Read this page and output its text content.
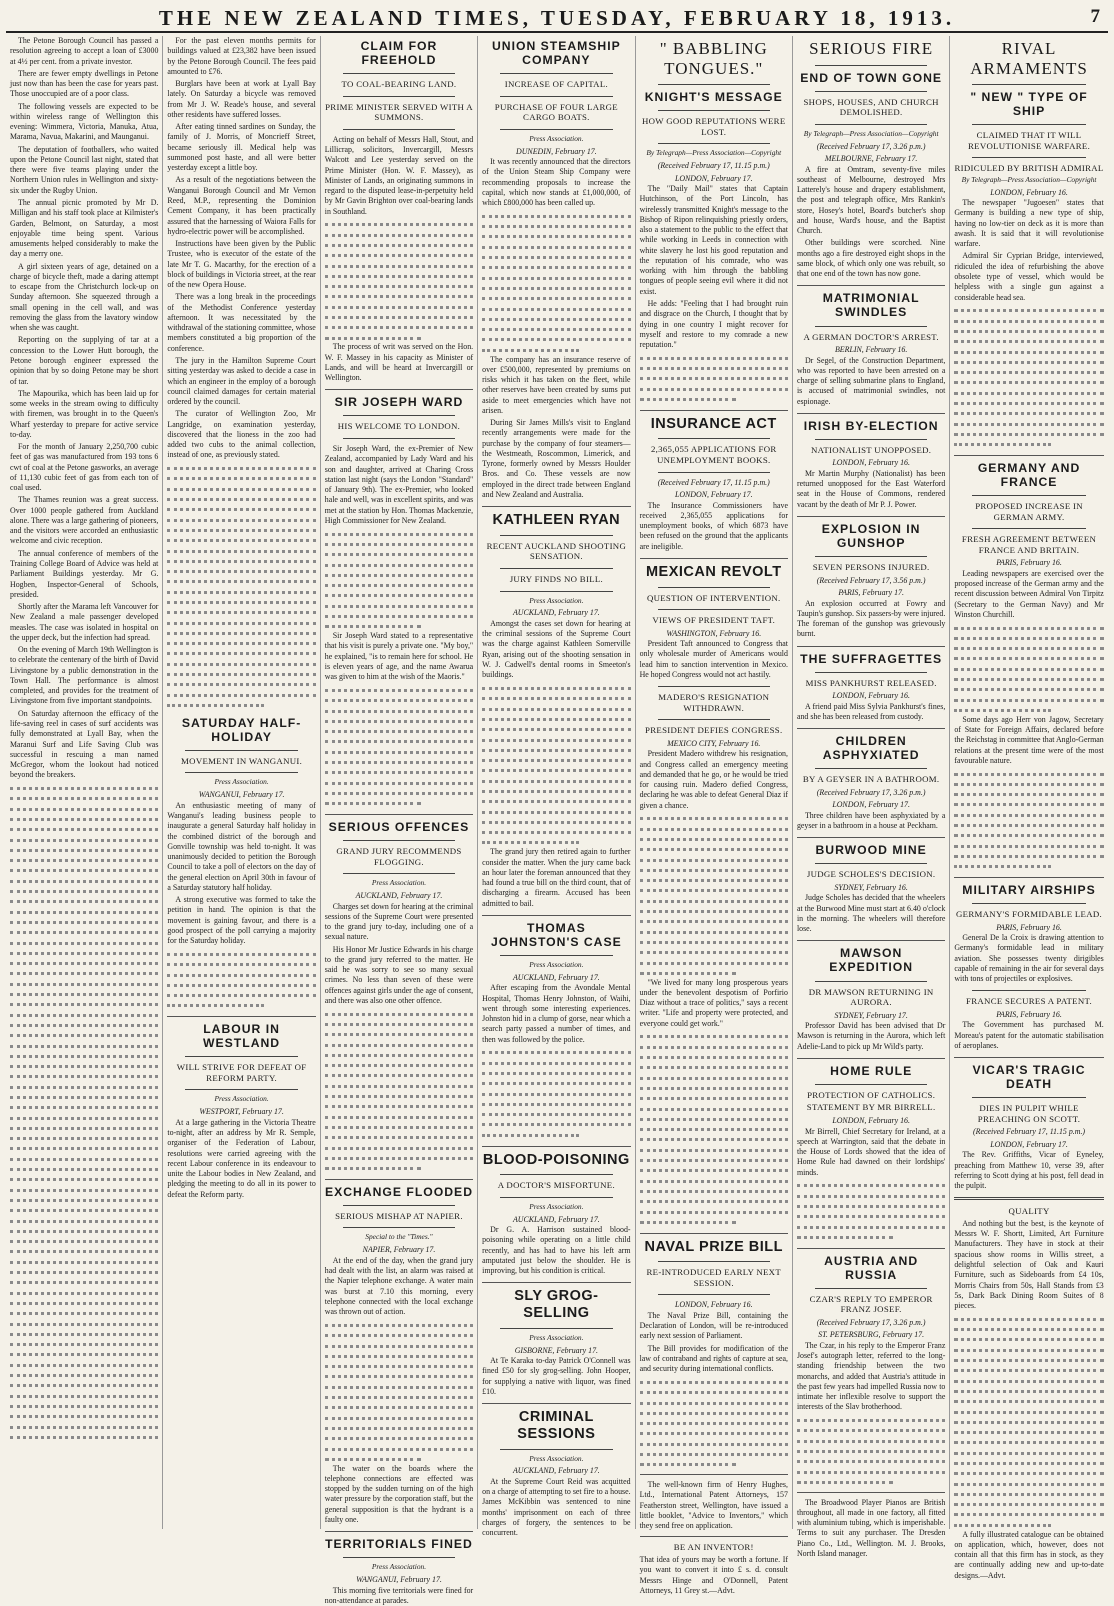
THE NEW ZEALAND TIMES, TUESDAY, FEBRUARY 18, 1913.	7

The Petone Borough Council has passed a resolution agreeing to accept a loan of £3000 at 4½ per cent. from a private investor.

There are fewer empty dwellings in Petone just now than has been the case for years past. Those unoccupied are of a poor class.

The following vessels are expected to be within wireless range of Wellington this evening: Wimmera, Victoria, Manuka, Atua, Marama, Navua, Makarini, and Maunganui.

The deputation of footballers, who waited upon the Petone Council last night, stated that there were five teams playing under the Northern Union rules in Wellington and sixty-six under the Rugby Union.

The annual picnic promoted by Mr D. Milligan and his staff took place at Kilmister's Garden, Belmont, on Saturday, a most enjoyable time being spent. Various amusements helped considerably to make the day a merry one.

A girl sixteen years of age, detained on a charge of bicycle theft, made a daring attempt to escape from the Christchurch lock-up on Sunday afternoon. She squeezed through a small opening in the cell wall, and was removing the glass from the lavatory window when she was caught.

Reporting on the supplying of tar at a concession to the Lower Hutt borough, the Petone borough engineer expressed the opinion that by so doing Petone may be short of tar.

The Mapourika, which has been laid up for some weeks in the stream owing to difficulty with firemen, was brought in to the Queen's Wharf yesterday to prepare for active service to-day.

For the month of January 2,250,700 cubic feet of gas was manufactured from 193 tons 6 cwt of coal at the Petone gasworks, an average of 11,130 cubic feet of gas from each ton of coal used.

The Thames reunion was a great success. Over 1000 people gathered from Auckland alone. There was a large gathering of pioneers, and the visitors were accorded an enthusiastic welcome and civic reception.

The annual conference of members of the Training College Board of Advice was held at Parliament Buildings yesterday. Mr G. Hogben, Inspector-General of Schools, presided.

Shortly after the Marama left Vancouver for New Zealand a male passenger developed measles. The case was isolated in hospital on the upper deck, but the infection had spread.

On the evening of March 19th Wellington is to celebrate the centenary of the birth of David Livingstone by a public demonstration in the Town Hall. The performance is almost completed, and provides for the treatment of Livingstone from five important standpoints.

On Saturday afternoon the efficacy of the life-saving reel in cases of surf accidents was fully demonstrated at Lyall Bay, when the Maranui Surf and Life Saving Club was successful in rescuing a man named McGregor, whom the lookout had noticed beyond the breakers.

For the past eleven months permits for buildings valued at £23,382 have been issued by the Petone Borough Council. The fees paid amounted to £76.

Burglars have been at work at Lyall Bay lately. On Saturday a bicycle was removed from Mr J. W. Reade's house, and several other residents have suffered losses.

After eating tinned sardines on Sunday, the family of J. Morris, of Moncrieff Street, became seriously ill. Medical help was summoned post haste, and all were better yesterday except a little boy.

As a result of the negotiations between the Wanganui Borough Council and Mr Vernon Reed, M.P., representing the Dominion Cement Company, it has been practically assured that the harnessing of Waiora Falls for hydro-electric power will be accomplished.

Instructions have been given by the Public Trustee, who is executor of the estate of the late Mr T. G. Macarthy, for the erection of a block of buildings in Victoria street, at the rear of the new Opera House.

There was a long break in the proceedings of the Methodist Conference yesterday afternoon. It was necessitated by the withdrawal of the stationing committee, whose members constituted a big proportion of the conference.

The jury in the Hamilton Supreme Court sitting yesterday was asked to decide a case in which an engineer in the employ of a borough council claimed damages for certain material ordered by the council.

The curator of Wellington Zoo, Mr Langridge, on examination yesterday, discovered that the lioness in the zoo had added two cubs to the animal collection, instead of one, as previously stated.

SATURDAY HALF-HOLIDAY
MOVEMENT IN WANGANUI.
Press Association.
WANGANUI, February 17.

An enthusiastic meeting of many of Wanganui's leading business people to inaugurate a general Saturday half holiday in the combined district of the borough and Gonville township was held to-night. It was unanimously decided to petition the Borough Council to take a poll of electors on the day of the general election on April 30th in favour of a Saturday statutory half holiday.

A strong executive was formed to take the petition in hand. The opinion is that the movement is gaining favour, and there is a good prospect of the poll carrying a majority for the Saturday holiday.

LABOUR IN WESTLAND
WILL STRIVE FOR DEFEAT OF REFORM PARTY.
Press Association.
WESTPORT, February 17.

At a large gathering in the Victoria Theatre to-night, after an address by Mr R. Semple, organiser of the Federation of Labour, resolutions were carried agreeing with the recent Labour conference in its endeavour to unite the Labour bodies in New Zealand, and pledging the meeting to do all in its power to defeat the Reform party.

CLAIM FOR FREEHOLD
TO COAL-BEARING LAND.
PRIME MINISTER SERVED WITH A SUMMONS.

Acting on behalf of Messrs Hall, Stout, and Lillicrap, solicitors, Invercargill, Messrs Walcott and Lee yesterday served on the Prime Minister (Hon. W. F. Massey), as Minister of Lands, an originating summons in regard to the disputed lease-in-perpetuity held by Mr Gavin Brighton over coal-bearing lands in Southland.

The process of writ was served on the Hon. W. F. Massey in his capacity as Minister of Lands, and will be heard at Invercargill or Wellington.

SIR JOSEPH WARD
HIS WELCOME TO LONDON.

Sir Joseph Ward, the ex-Premier of New Zealand, accompanied by Lady Ward and his son and daughter, arrived at Charing Cross station last night (says the London "Standard" of January 9th). The ex-Premier, who looked hale and well, was in excellent spirits, and was met at the station by Hon. Thomas Mackenzie, High Commissioner for New Zealand.

Sir Joseph Ward stated to a representative that his visit is purely a private one. "My boy," he explained, "is to remain here for school. He is eleven years of age, and the name Awarua was given to him at the wish of the Maoris."

SERIOUS OFFENCES
GRAND JURY RECOMMENDS FLOGGING.
Press Association.
AUCKLAND, February 17.

Charges set down for hearing at the criminal sessions of the Supreme Court were presented to the grand jury to-day, including one of a sexual nature.

His Honor Mr Justice Edwards in his charge to the grand jury referred to the matter. He said he was sorry to see so many sexual crimes. No less than seven of these were offences against girls under the age of consent, and there was also one other offence.

EXCHANGE FLOODED
SERIOUS MISHAP AT NAPIER.
Special to the "Times."
NAPIER, February 17.

At the end of the day, when the grand jury had dealt with the list, an alarm was raised at the Napier telephone exchange. A water main was burst at 7.10 this morning, every telephone connected with the local exchange was thrown out of action.

The water on the boards where the telephone connections are effected was stopped by the sudden turning on of the high water pressure by the corporation staff, but the general supposition is that the hydrant is a faulty one.

TERRITORIALS FINED
Press Association.
WANGANUI, February 17.

This morning five territorials were fined for non-attendance at parades.

UNION STEAMSHIP COMPANY
INCREASE OF CAPITAL.
PURCHASE OF FOUR LARGE CARGO BOATS.
Press Association.
DUNEDIN, February 17.

It was recently announced that the directors of the Union Steam Ship Company were recommending proposals to increase the capital, which now stands at £1,000,000, of which £800,000 has been called up.

The company has an insurance reserve of over £500,000, represented by premiums on risks which it has taken on the fleet, while other reserves have been created by sums put aside to meet emergencies which have not arisen.

During Sir James Mills's visit to England recently arrangements were made for the purchase by the company of four steamers—the Westmeath, Roscommon, Limerick, and Tyrone, formerly owned by Messrs Houlder Bros. and Co. These vessels are now employed in the direct trade between England and New Zealand and Australia.

KATHLEEN RYAN
RECENT AUCKLAND SHOOTING SENSATION.
JURY FINDS NO BILL.
Press Association.
AUCKLAND, February 17.

Amongst the cases set down for hearing at the criminal sessions of the Supreme Court was the charge against Kathleen Somerville Ryan, arising out of the shooting sensation in W. J. Cadwell's dental rooms in Smeeton's buildings.

The grand jury then retired again to further consider the matter. When the jury came back an hour later the foreman announced that they had found a true bill on the third count, that of discharging a firearm. Accused has been admitted to bail.

THOMAS JOHNSTON'S CASE
Press Association.
AUCKLAND, February 17.

After escaping from the Avondale Mental Hospital, Thomas Henry Johnston, of Waihi, went through some interesting experiences. Johnston hid in a clump of gorse, near which a search party passed a number of times, and then was followed by the police.

BLOOD-POISONING
A DOCTOR'S MISFORTUNE.
Press Association.
AUCKLAND, February 17.

Dr G. A. Harrison sustained blood-poisoning while operating on a little child recently, and has had to have his left arm amputated just below the shoulder. He is improving, but his condition is critical.

SLY GROG-SELLING
Press Association.
GISBORNE, February 17.

At Te Karaka to-day Patrick O'Connell was fined £50 for sly grog-selling. John Hooper, for supplying a native with liquor, was fined £10.

CRIMINAL SESSIONS
Press Association.
AUCKLAND, February 17.

At the Supreme Court Reid was acquitted on a charge of attempting to set fire to a house. James McKibbin was sentenced to nine months' imprisonment on each of three charges of forgery, the sentences to be concurrent.

" BABBLING TONGUES."
KNIGHT'S MESSAGE
HOW GOOD REPUTATIONS WERE LOST.
By Telegraph—Press Association—Copyright
(Received February 17, 11.15 p.m.)
LONDON, February 17.

The "Daily Mail" states that Captain Hutchinson, of the Port Lincoln, has wirelessly transmitted Knight's message to the Bishop of Ripon relinquishing priestly orders, also a statement to the public to the effect that while working in Leeds in connection with white slavery he lost his good reputation and the reputation of his comrade, who was working with him through the babbling tongues of people seeing evil where it did not exist.

He adds: "Feeling that I had brought ruin and disgrace on the Church, I thought that by dying in one country I might recover for myself and restore to my comrade a new reputation."

INSURANCE ACT
2,365,055 APPLICATIONS FOR UNEMPLOYMENT BOOKS.
(Received February 17, 11.15 p.m.)
LONDON, February 17.

The Insurance Commissioners have received 2,365,055 applications for unemployment books, of which 6873 have been refused on the ground that the applicants are ineligible.

MEXICAN REVOLT
QUESTION OF INTERVENTION.
VIEWS OF PRESIDENT TAFT.
WASHINGTON, February 16.

President Taft announced to Congress that only wholesale murder of Americans would lead him to sanction intervention in Mexico. He hoped Congress would not act hastily.

MADERO'S RESIGNATION WITHDRAWN.
PRESIDENT DEFIES CONGRESS.
MEXICO CITY, February 16.

President Madero withdrew his resignation, and Congress called an emergency meeting and demanded that he go, or he would be tried for causing ruin. Madero defied Congress, declaring he was able to defeat General Diaz if given a chance.

"We lived for many long prosperous years under the benevolent despotism of Porfirio Diaz without a trace of politics," says a recent writer. "Life and property were protected, and everyone could get work."

NAVAL PRIZE BILL
RE-INTRODUCED EARLY NEXT SESSION.
LONDON, February 16.

The Naval Prize Bill, containing the Declaration of London, will be re-introduced early next session of Parliament.

The Bill provides for modification of the law of contraband and rights of capture at sea, and security during international conflicts.

The well-known firm of Henry Hughes, Ltd., International Patent Attorneys, 157 Featherston street, Wellington, have issued a little booklet, "Advice to Inventors," which they send free on application.

BE AN INVENTOR!

That idea of yours may be worth a fortune. If you want to convert it into £ s. d. consult Messrs Hinge and O'Donnell, Patent Attorneys, 11 Grey st.—Advt.

SERIOUS FIRE
END OF TOWN GONE
SHOPS, HOUSES, AND CHURCH DEMOLISHED.
By Telegraph—Press Association—Copyright
(Received February 17, 3.26 p.m.)
MELBOURNE, February 17.

A fire at Omtram, seventy-five miles southeast of Melbourne, destroyed Mrs Latterely's house and drapery establishment, the post and telegraph office, Mrs Rankin's store, Hosey's hotel, Board's butcher's shop and house, Ward's house, and the Baptist Church.

Other buildings were scorched. Nine months ago a fire destroyed eight shops in the same block, of which only one was rebuilt, so that one end of the town has now gone.

MATRIMONIAL SWINDLES
A GERMAN DOCTOR'S ARREST.
BERLIN, February 16.

Dr Segel, of the Construction Department, who was reported to have been arrested on a charge of selling submarine plans to England, is accused of matrimonial swindles, not espionage.

IRISH BY-ELECTION
NATIONALIST UNOPPOSED.
LONDON, February 16.

Mr Martin Murphy (Nationalist) has been returned unopposed for the East Waterford seat in the House of Commons, rendered vacant by the death of Mr P. J. Power.

EXPLOSION IN GUNSHOP
SEVEN PERSONS INJURED.
(Received February 17, 3.56 p.m.)
PARIS, February 17.

An explosion occurred at Fowry and Taupin's gunshop. Six passers-by were injured. The foreman of the gunshop was grievously burnt.

THE SUFFRAGETTES
MISS PANKHURST RELEASED.
LONDON, February 16.

A friend paid Miss Sylvia Pankhurst's fines, and she has been released from custody.

CHILDREN ASPHYXIATED
BY A GEYSER IN A BATHROOM.
(Received February 17, 3.26 p.m.)
LONDON, February 17.

Three children have been asphyxiated by a geyser in a bathroom in a house at Peckham.

BURWOOD MINE
JUDGE SCHOLES'S DECISION.
SYDNEY, February 16.

Judge Scholes has decided that the wheelers at the Burwood Mine must start at 6.40 o'clock in the morning. The wheelers will therefore lose.

MAWSON EXPEDITION
DR MAWSON RETURNING IN AURORA.
SYDNEY, February 17.

Professor David has been advised that Dr Mawson is returning in the Aurora, which left Adelie-Land to pick up Mr Wild's party.

HOME RULE
PROTECTION OF CATHOLICS.
STATEMENT BY MR BIRRELL.
LONDON, February 16.

Mr Birrell, Chief Secretary for Ireland, at a speech at Warrington, said that the debate in the House of Lords showed that the idea of Home Rule had dawned on their lordships' minds.

AUSTRIA AND RUSSIA
CZAR'S REPLY TO EMPEROR FRANZ JOSEF.
(Received February 17, 3.26 p.m.)
ST. PETERSBURG, February 17.

The Czar, in his reply to the Emperor Franz Josef's autograph letter, referred to the long-standing friendship between the two monarchs, and added that Austria's attitude in the past few years had impelled Russia now to intimate her inflexible resolve to support the interests of the Slav brotherhood.

The Broadwood Player Pianos are British throughout, all made in one factory, all fitted with aluminium tubing, which is imperishable. Terms to suit any purchaser. The Dresden Piano Co., Ltd., Wellington. M. J. Brooks, North Island manager.

RIVAL ARMAMENTS
" NEW " TYPE OF SHIP
CLAIMED THAT IT WILL REVOLUTIONISE WARFARE.
RIDICULED BY BRITISH ADMIRAL
By Telegraph—Press Association—Copyright
LONDON, February 16.

The newspaper "Jugoesen" states that Germany is building a new type of ship, having no low-tier on deck as it is more than awash. It is said that it will revolutionise warfare.

Admiral Sir Cyprian Bridge, interviewed, ridiculed the idea of refurbishing the above obsolete type of vessel, which would be helpless with a single gun against a considerable head sea.

GERMANY AND FRANCE
PROPOSED INCREASE IN GERMAN ARMY.
FRESH AGREEMENT BETWEEN FRANCE AND BRITAIN.
PARIS, February 16.

Leading newspapers are exercised over the proposed increase of the German army and the recent discussion between Admiral Von Tirpitz (Secretary to the German Navy) and Mr Winston Churchill.

Some days ago Herr von Jagow, Secretary of State for Foreign Affairs, declared before the Reichstag in committee that Anglo-German relations at the present time were of the most favourable nature.

MILITARY AIRSHIPS
GERMANY'S FORMIDABLE LEAD.
PARIS, February 16.

General De la Croix is drawing attention to Germany's formidable lead in military aviation. She possesses twenty dirigibles capable of remaining in the air for several days with tons of projectiles or explosives.

FRANCE SECURES A PATENT.
PARIS, February 16.

The Government has purchased M. Moreau's patent for the automatic stabilisation of aeroplanes.

VICAR'S TRAGIC DEATH
DIES IN PULPIT WHILE PREACHING ON SCOTT.
(Received February 17, 11.15 p.m.)
LONDON, February 17.

The Rev. Griffiths, Vicar of Eyneley, preaching from Matthew 10, verse 39, after referring to Scott dying at his post, fell dead in the pulpit.

QUALITY

And nothing but the best, is the keynote of Messrs W. F. Shortt, Limited, Art Furniture Manufacturers. They have in stock at their spacious show rooms in Willis street, a delightful selection of Oak and Kauri Furniture, such as Sideboards from £4 10s, Morris Chairs from 50s, Hall Stands from £3 5s, Dark Back Dining Room Suites of 8 pieces.

A fully illustrated catalogue can be obtained on application, which, however, does not contain all that this firm has in stock, as they are continually adding new and up-to-date designs.—Advt.
